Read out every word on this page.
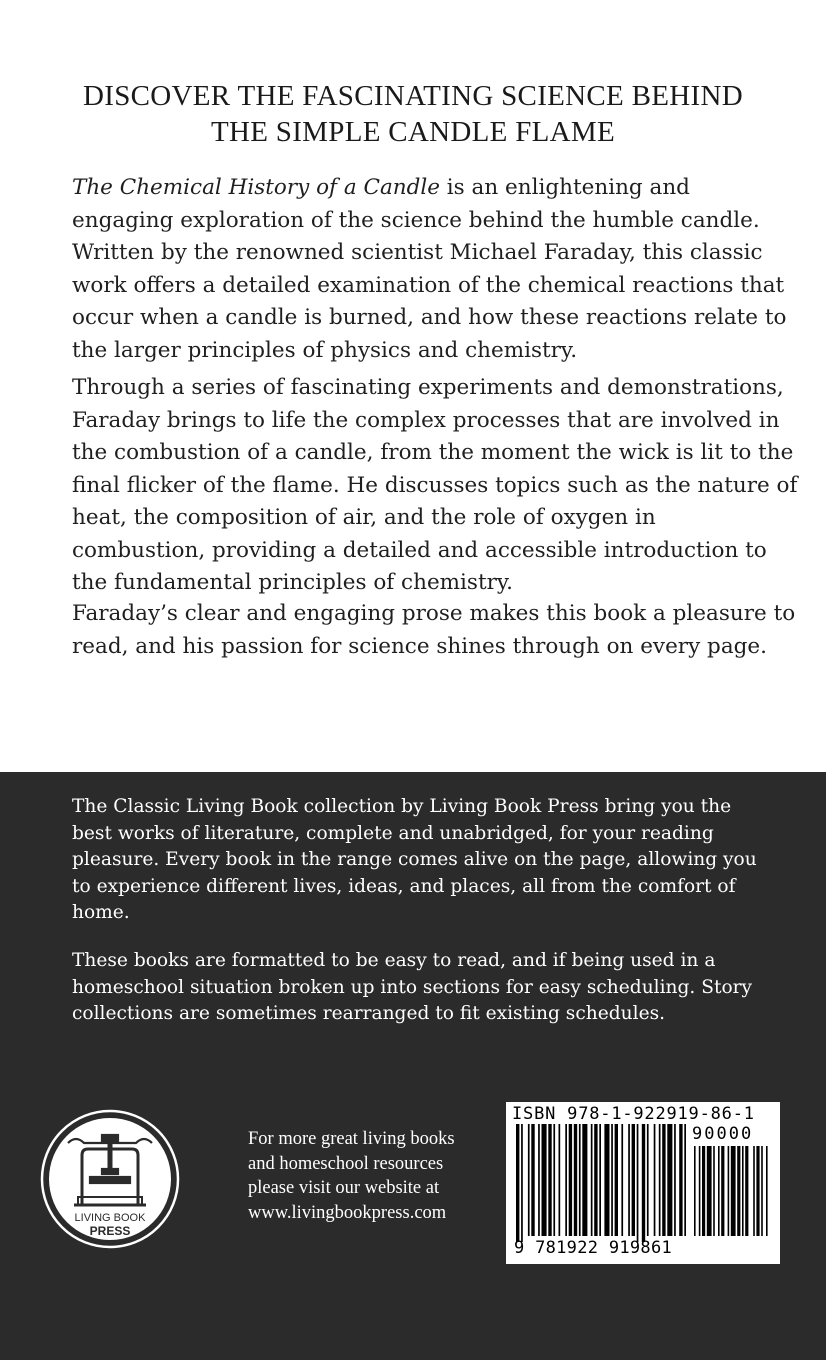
DISCOVER THE FASCINATING SCIENCE BEHIND
THE SIMPLE CANDLE FLAME
The Chemical History of a Candle is an enlightening and
engaging exploration of the science behind the humble candle.
Written by the renowned scientist Michael Faraday, this classic
work offers a detailed examination of the chemical reactions that
occur when a candle is burned, and how these reactions relate to
the larger principles of physics and chemistry.
Through a series of fascinating experiments and demonstrations,
Faraday brings to life the complex processes that are involved in
the combustion of a candle, from the moment the wick is lit to the
final flicker of the flame. He discusses topics such as the nature of
heat, the composition of air, and the role of oxygen in
combustion, providing a detailed and accessible introduction to
the fundamental principles of chemistry.
Faraday’s clear and engaging prose makes this book a pleasure to
read, and his passion for science shines through on every page.
The Classic Living Book collection by Living Book Press bring you the
best works of literature, complete and unabridged, for your reading
pleasure. Every book in the range comes alive on the page, allowing you
to experience different lives, ideas, and places, all from the comfort of
home.
These books are formatted to be easy to read, and if being used in a
homeschool situation broken up into sections for easy scheduling. Story
collections are sometimes rearranged to fit existing schedules.
LIVING BOOK
PRESS
For more great living books
and homeschool resources
please visit our website at
www.livingbookpress.com
ISBN 978-1-922919-86-1
90000
9 781922 919861
